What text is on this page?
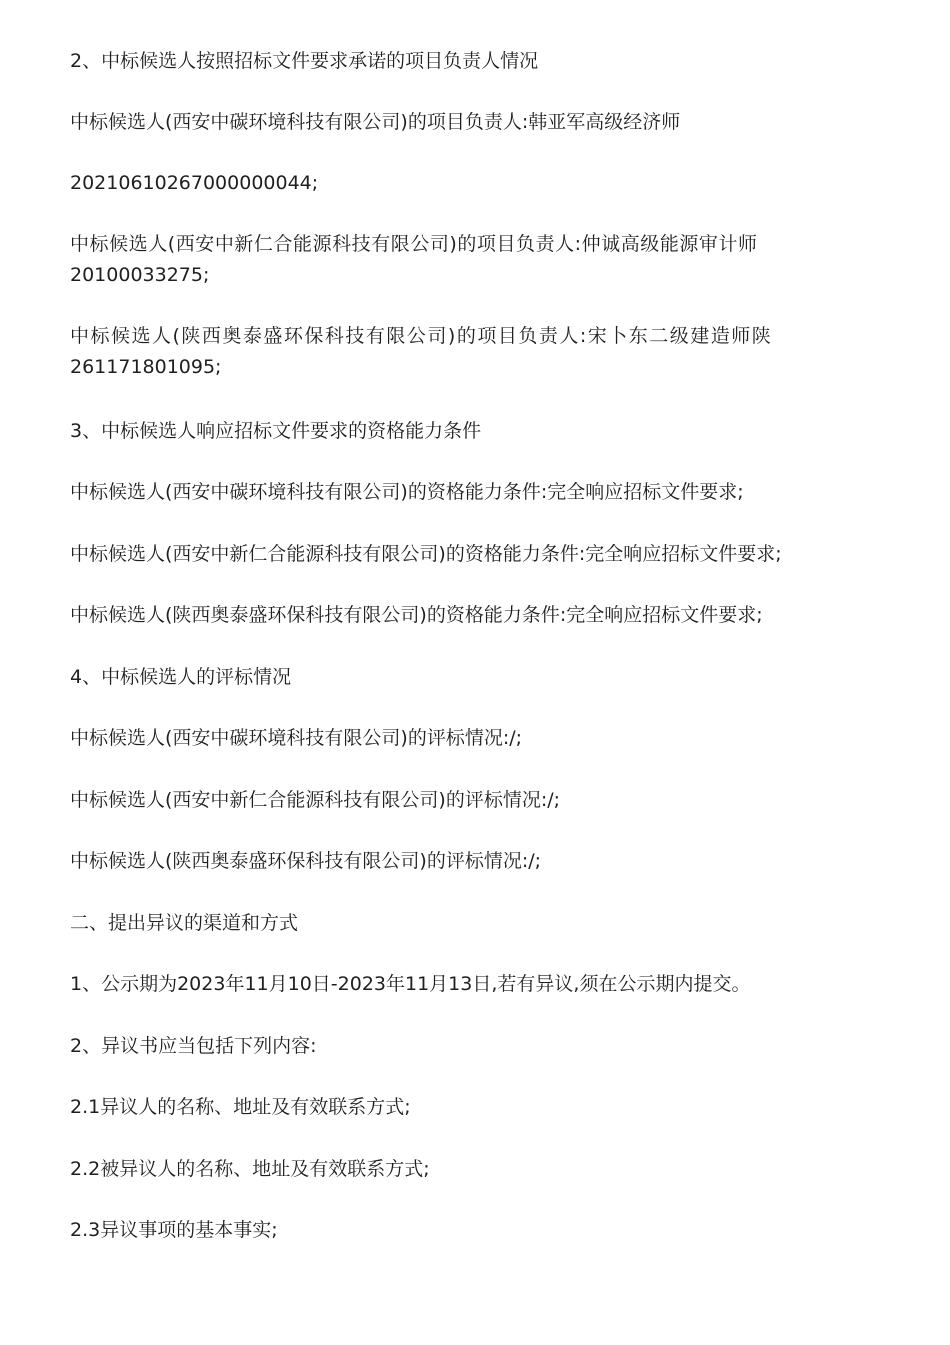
2、中标候选人按照招标文件要求承诺的项目负责人情况
中标候选人(西安中碳环境科技有限公司)的项目负责人:韩亚军高级经济师
20210610267000000044;
中标候选人(西安中新仁合能源科技有限公司)的项目负责人:仲诚高级能源审计师
20100033275;
中标候选人(陕西奥泰盛环保科技有限公司)的项目负责人:宋卜东二级建造师陕
261171801095;
3、中标候选人响应招标文件要求的资格能力条件
中标候选人(西安中碳环境科技有限公司)的资格能力条件:完全响应招标文件要求;
中标候选人(西安中新仁合能源科技有限公司)的资格能力条件:完全响应招标文件要求;
中标候选人(陕西奥泰盛环保科技有限公司)的资格能力条件:完全响应招标文件要求;
4、中标候选人的评标情况
中标候选人(西安中碳环境科技有限公司)的评标情况:/;
中标候选人(西安中新仁合能源科技有限公司)的评标情况:/;
中标候选人(陕西奥泰盛环保科技有限公司)的评标情况:/;
二、提出异议的渠道和方式
1、公示期为2023年11月10日-2023年11月13日,若有异议,须在公示期内提交。
2、异议书应当包括下列内容:
2.1异议人的名称、地址及有效联系方式;
2.2被异议人的名称、地址及有效联系方式;
2.3异议事项的基本事实;
